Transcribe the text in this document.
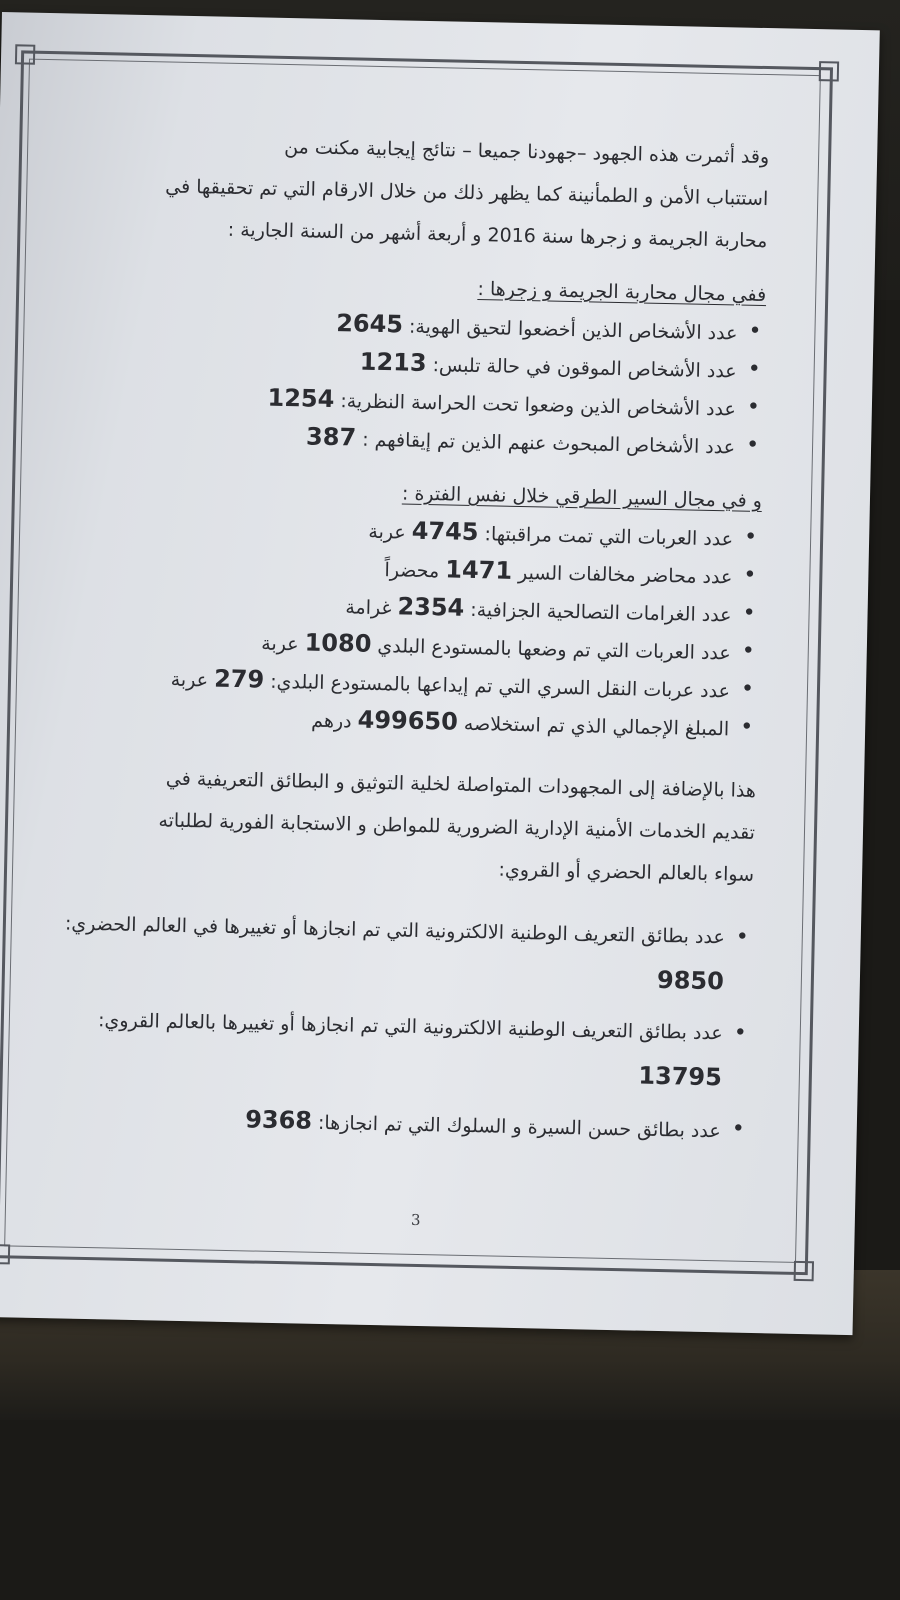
وقد أثمرت هذه الجهود –جهودنا جميعا – نتائج إيجابية مكنت من

استتباب الأمن و الطمأنينة كما يظهر ذلك من خلال الارقام التي تم تحقيقها في

محاربة الجريمة و زجرها سنة 2016 و أربعة أشهر من السنة الجارية :

ففي مجال محاربة الجريمة و زجرها :
• عدد الأشخاص الذين أخضعوا لتحيق الهوية: 2645
• عدد الأشخاص الموقون في حالة تلبس: 1213
• عدد الأشخاص الذين وضعوا تحت الحراسة النظرية: 1254
• عدد الأشخاص المبحوث عنهم الذين تم إيقافهم : 387
و في مجال السير الطرقي خلال نفس الفترة :
• عدد العربات التي تمت مراقبتها: 4745 عربة
• عدد محاضر مخالفات السير 1471 محضراً
• عدد الغرامات التصالحية الجزافية: 2354 غرامة
• عدد العربات التي تم وضعها بالمستودع البلدي 1080 عربة
• عدد عربات النقل السري التي تم إيداعها بالمستودع البلدي: 279 عربة
• المبلغ الإجمالي الذي تم استخلاصه 499650 درهم

هذا بالإضافة إلى المجهودات المتواصلة لخلية التوثيق و البطائق التعريفية في

تقديم الخدمات الأمنية الإدارية الضرورية للمواطن و الاستجابة الفورية لطلباته

سواء بالعالم الحضري أو القروي:

• عدد بطائق التعريف الوطنية الالكترونية التي تم انجازها أو تغييرها في العالم الحضري: 9850
• عدد بطائق التعريف الوطنية الالكترونية التي تم انجازها أو تغييرها بالعالم القروي: 13795
• عدد بطائق حسن السيرة و السلوك التي تم انجازها: 9368
3
